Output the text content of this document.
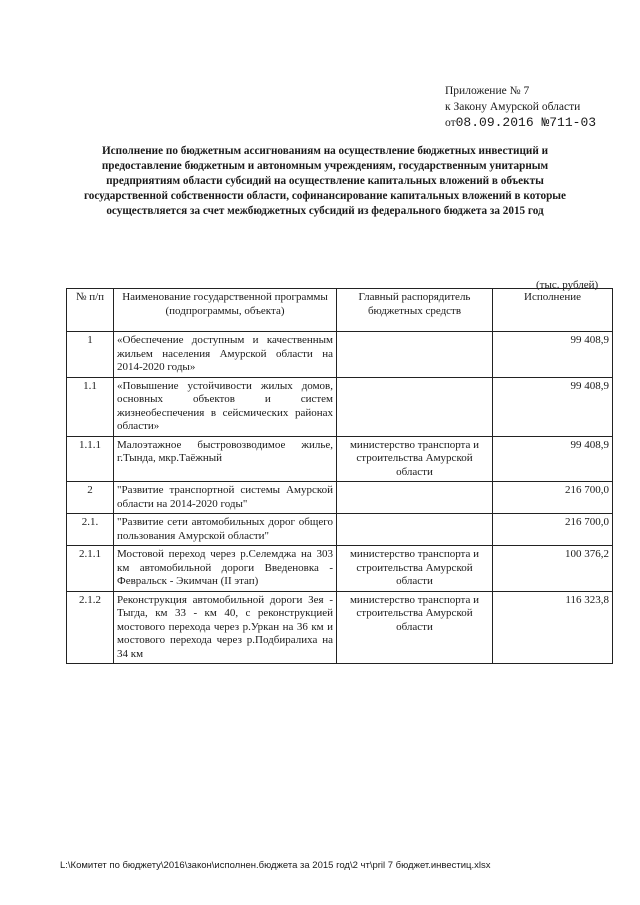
Приложение № 7
к Закону Амурской области
от08.09.2016 №711-03
Исполнение по бюджетным ассигнованиям на осуществление бюджетных инвестиций и предоставление бюджетным и автономным учреждениям, государственным унитарным предприятиям области субсидий на осуществление капитальных вложений в объекты государственной собственности области, софинансирование капитальных вложений в которые осуществляется за счет межбюджетных субсидий из федерального бюджета за 2015 год
(тыс. рублей)
№ п/п	Наименование государственной программы (подпрограммы, объекта)	Главный распорядитель бюджетных средств	Исполнение
1	«Обеспечение доступным и качественным жильем населения Амурской области на 2014-2020 годы»		99 408,9
1.1	«Повышение устойчивости жилых домов, основных объектов и систем жизнеобеспечения в сейсмических районах области»		99 408,9
1.1.1	Малоэтажное быстровозводимое жилье, г.Тында, мкр.Таёжный	министерство транспорта и строительства Амурской области	99 408,9
2	"Развитие транспортной системы Амурской области на 2014-2020 годы"		216 700,0
2.1.	"Развитие сети автомобильных дорог общего пользования Амурской области"		216 700,0
2.1.1	Мостовой переход через р.Селемджа на 303 км автомобильной дороги Введеновка - Февральск - Экимчан (II этап)	министерство транспорта и строительства Амурской области	100 376,2
2.1.2	Реконструкция автомобильной дороги Зея - Тыгда, км 33 - км 40, с реконструкцией мостового перехода через р.Уркан на 36 км и мостового перехода через р.Подбиралиха на 34 км	министерство транспорта и строительства Амурской области	116 323,8
L:\Комитет по бюджету\2016\закон\исполнен.бюджета за 2015 год\2 чт\pril 7 бюджет.инвестиц.xlsx
